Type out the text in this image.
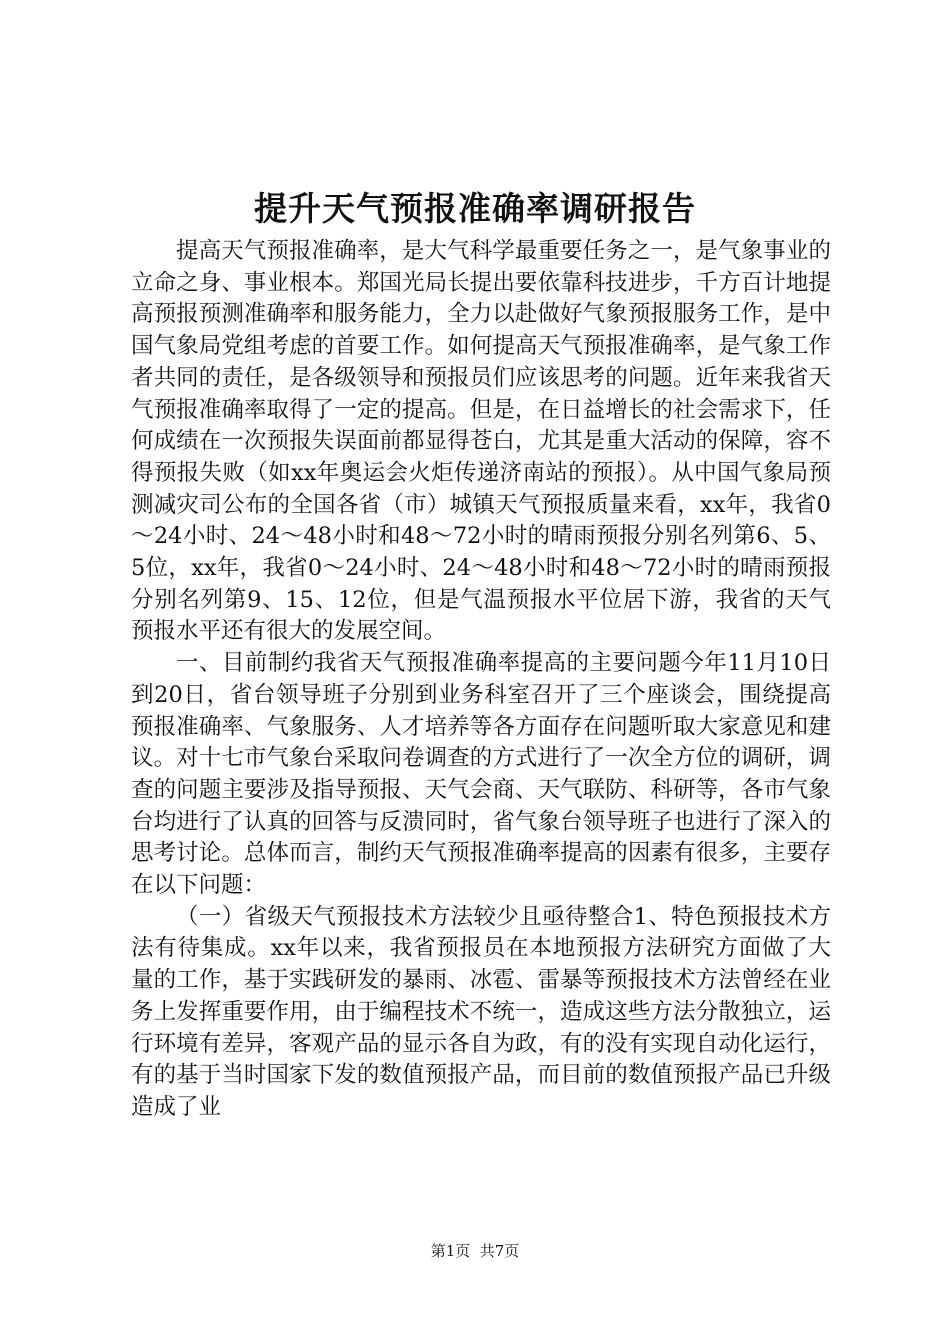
提升天气预报准确率调研报告

提高天气预报准确率，是大气科学最重要任务之一，是气象事业的立命之身、事业根本。郑国光局长提出要依靠科技进步，千方百计地提高预报预测准确率和服务能力，全力以赴做好气象预报服务工作，是中国气象局党组考虑的首要工作。如何提高天气预报准确率，是气象工作者共同的责任，是各级领导和预报员们应该思考的问题。近年来我省天气预报准确率取得了一定的提高。但是，在日益增长的社会需求下，任何成绩在一次预报失误面前都显得苍白，尤其是重大活动的保障，容不得预报失败（如xx年奥运会火炬传递济南站的预报）。从中国气象局预测减灾司公布的全国各省（市）城镇天气预报质量来看，xx年，我省0～24小时、24～48小时和48～72小时的晴雨预报分别名列第6、5、5位，xx年，我省0～24小时、24～48小时和48～72小时的晴雨预报分别名列第9、15、12位，但是气温预报水平位居下游，我省的天气预报水平还有很大的发展空间。

一、目前制约我省天气预报准确率提高的主要问题今年11月10日到20日，省台领导班子分别到业务科室召开了三个座谈会，围绕提高预报准确率、气象服务、人才培养等各方面存在问题听取大家意见和建议。对十七市气象台采取问卷调查的方式进行了一次全方位的调研，调查的问题主要涉及指导预报、天气会商、天气联防、科研等，各市气象台均进行了认真的回答与反溃同时，省气象台领导班子也进行了深入的思考讨论。总体而言，制约天气预报准确率提高的因素有很多，主要存在以下问题：

（一）省级天气预报技术方法较少且亟待整合1、特色预报技术方法有待集成。xx年以来，我省预报员在本地预报方法研究方面做了大量的工作，基于实践研发的暴雨、冰雹、雷暴等预报技术方法曾经在业务上发挥重要作用，由于编程技术不统一，造成这些方法分散独立，运行环境有差异，客观产品的显示各自为政，有的没有实现自动化运行，有的基于当时国家下发的数值预报产品，而目前的数值预报产品已升级造成了业

第1页  共7页
